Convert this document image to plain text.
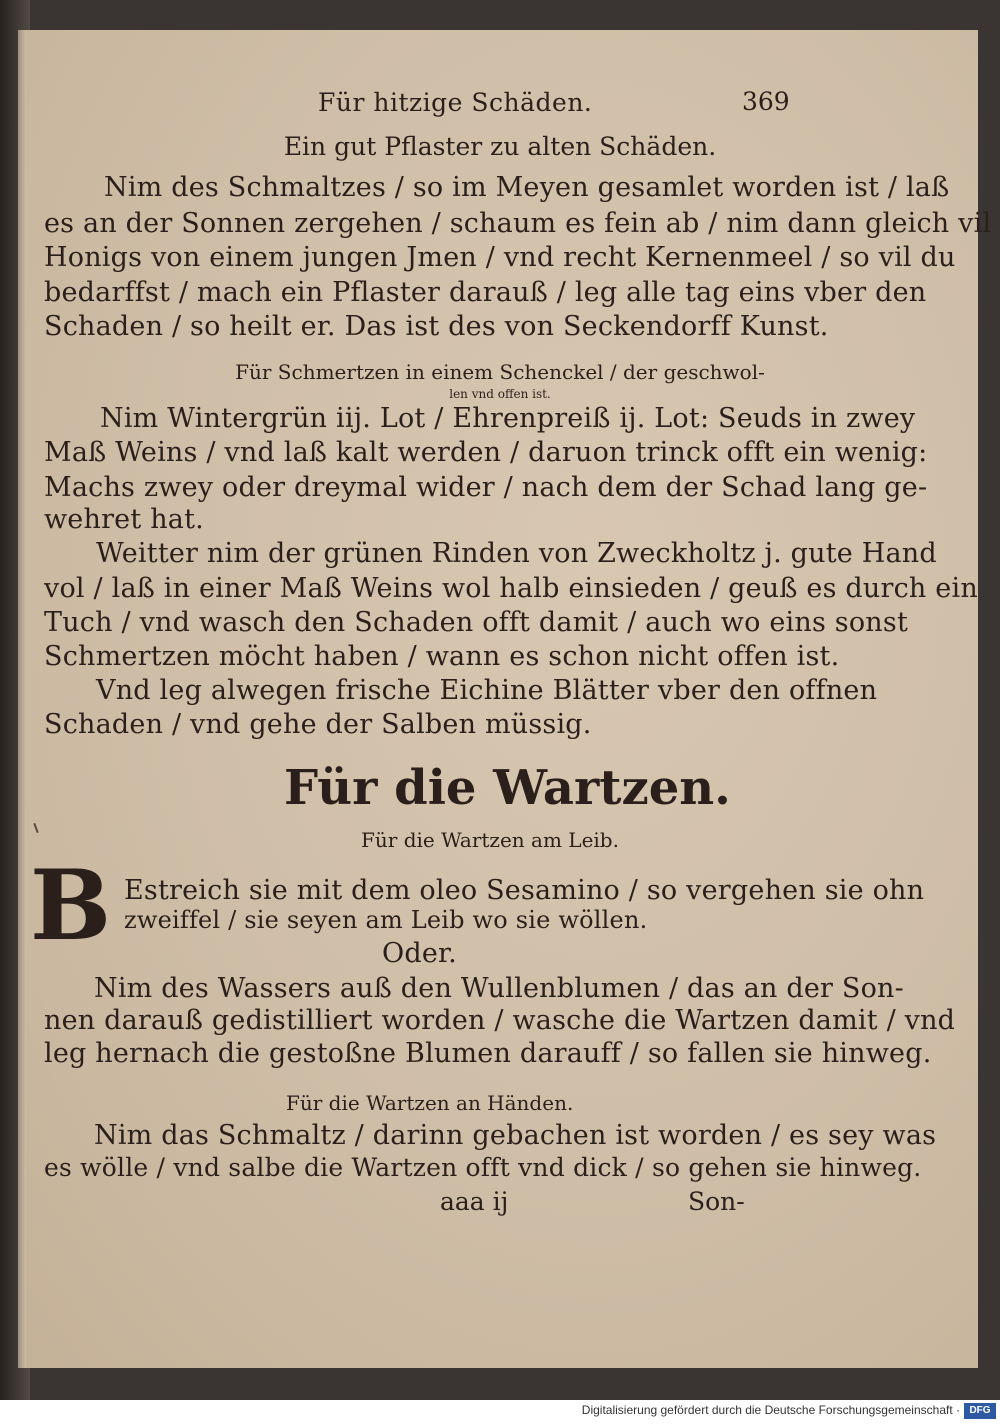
Für hitzige Schäden.	369
Ein gut Pflaster zu alten Schäden.
Nim des Schmaltzes / so im Meyen gesamlet worden ist / laß
es an der Sonnen zergehen / schaum es fein ab / nim dann gleich vil
Honigs von einem jungen Jmen / vnd recht Kernenmeel / so vil du
bedarffst / mach ein Pflaster darauß / leg alle tag eins vber den
Schaden / so heilt er. Das ist des von Seckendorff Kunst.
Für Schmertzen in einem Schenckel / der geschwol-
len vnd offen ist.
Nim Wintergrün iij. Lot / Ehrenpreiß ij. Lot: Seuds in zwey
Maß Weins / vnd laß kalt werden / daruon trinck offt ein wenig:
Machs zwey oder dreymal wider / nach dem der Schad lang ge-
wehret hat.
Weitter nim der grünen Rinden von Zweckholtz j. gute Hand
vol / laß in einer Maß Weins wol halb einsieden / geuß es durch ein
Tuch / vnd wasch den Schaden offt damit / auch wo eins sonst
Schmertzen möcht haben / wann es schon nicht offen ist.
Vnd leg alwegen frische Eichine Blätter vber den offnen
Schaden / vnd gehe der Salben müssig.
Für die Wartzen.
Für die Wartzen am Leib.
B Estreich sie mit dem oleo Sesamino / so vergehen sie ohn
zweiffel / sie seyen am Leib wo sie wöllen.
Oder.
Nim des Wassers auß den Wullenblumen / das an der Son-
nen darauß gedistilliert worden / wasche die Wartzen damit / vnd
leg hernach die gestoßne Blumen darauff / so fallen sie hinweg.
Für die Wartzen an Händen.
Nim das Schmaltz / darinn gebachen ist worden / es sey was
es wölle / vnd salbe die Wartzen offt vnd dick / so gehen sie hinweg.
aaa ij	Son-
Digitalisierung gefördert durch die Deutsche Forschungsgemeinschaft · DFG
